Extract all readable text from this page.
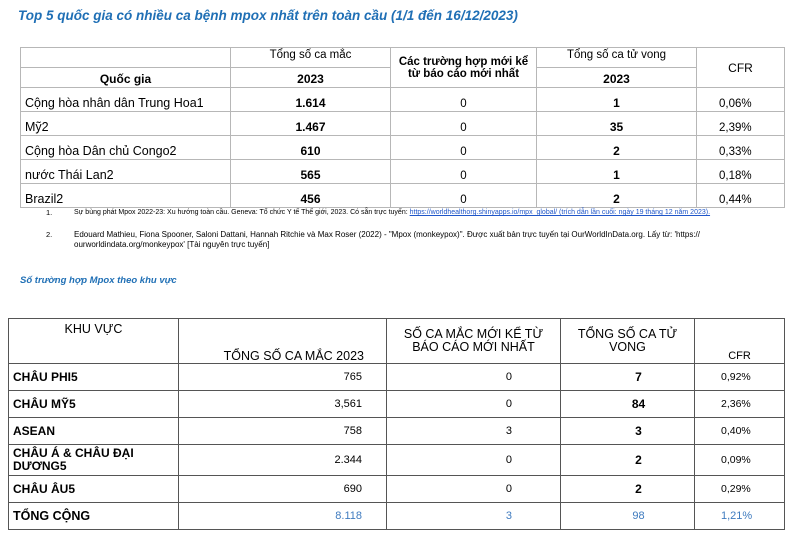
Top 5 quốc gia có nhiều ca bệnh mpox nhất trên toàn cầu (1/1 đến 16/12/2023)
	Tổng số ca mắc	Các trường hợp mới kể từ báo cáo mới nhất	Tổng số ca tử vong	CFR
Quốc gia	2023		2023	
Cộng hòa nhân dân Trung Hoa1	1.614	0	1	0,06%
Mỹ2	1.467	0	35	2,39%
Cộng hòa Dân chủ Congo2	610	0	2	0,33%
nước Thái Lan2	565	0	1	0,18%
Brazil2	456	0	2	0,44%
1.	Sự bùng phát Mpox 2022-23: Xu hướng toàn cầu. Geneva: Tổ chức Y tế Thế giới, 2023. Có sẵn trực tuyến: https://worldhealthorg.shinyapps.io/mpx_global/ (trích dẫn lần cuối: ngày 19 tháng 12 năm 2023).
2.	Edouard Mathieu, Fiona Spooner, Saloni Dattani, Hannah Ritchie và Max Roser (2022) - "Mpox (monkeypox)". Được xuất bản trực tuyến tại OurWorldInData.org. Lấy từ: 'https:// ourworldindata.org/monkeypox' [Tài nguyên trực tuyến]
Số trường hợp Mpox theo khu vực
KHU VỰC	TỔNG SỐ CA MẮC 2023	SỐ CA MẮC MỚI KỂ TỪ BÁO CÁO MỚI NHẤT	TỔNG SỐ CA TỬ VONG	CFR
CHÂU PHI5	765	0	7	0,92%
CHÂU MỸ5	3,561	0	84	2,36%
ASEAN	758	3	3	0,40%
CHÂU Á & CHÂU ĐẠI DƯƠNG5	2.344	0	2	0,09%
CHÂU ÂU5	690	0	2	0,29%
TỔNG CỘNG	8.118	3	98	1,21%
